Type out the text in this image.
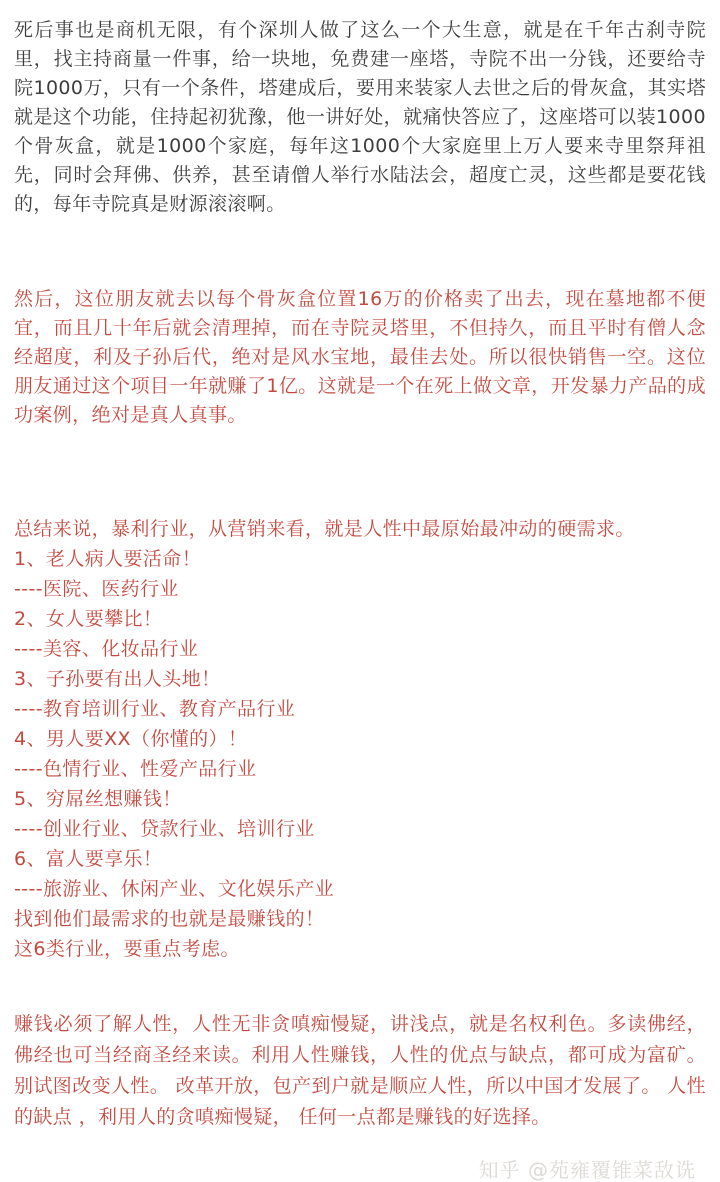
死后事也是商机无限，有个深圳人做了这么一个大生意，就是在千年古刹寺院里，找主持商量一件事，给一块地，免费建一座塔，寺院不出一分钱，还要给寺院1000万，只有一个条件，塔建成后，要用来装家人去世之后的骨灰盒，其实塔就是这个功能，住持起初犹豫，他一讲好处，就痛快答应了，这座塔可以装1000个骨灰盒，就是1000个家庭，每年这1000个大家庭里上万人要来寺里祭拜祖先，同时会拜佛、供养，甚至请僧人举行水陆法会，超度亡灵，这些都是要花钱的，每年寺院真是财源滚滚啊。

然后，这位朋友就去以每个骨灰盒位置16万的价格卖了出去，现在墓地都不便宜，而且几十年后就会清理掉，而在寺院灵塔里，不但持久，而且平时有僧人念经超度，利及子孙后代，绝对是风水宝地，最佳去处。所以很快销售一空。这位朋友通过这个项目一年就赚了1亿。这就是一个在死上做文章，开发暴力产品的成功案例，绝对是真人真事。

总结来说，暴利行业，从营销来看，就是人性中最原始最冲动的硬需求。

1、老人病人要活命！

----医院、医药行业

2、女人要攀比！

----美容、化妆品行业

3、子孙要有出人头地！

----教育培训行业、教育产品行业

4、男人要XX（你懂的）！

----色情行业、性爱产品行业

5、穷屌丝想赚钱！

----创业行业、贷款行业、培训行业

6、富人要享乐！

----旅游业、休闲产业、文化娱乐产业

找到他们最需求的也就是最赚钱的！

这6类行业，要重点考虑。

赚钱必须了解人性，人性无非贪嗔痴慢疑，讲浅点，就是名权利色。多读佛经，佛经也可当经商圣经来读。利用人性赚钱，人性的优点与缺点，都可成为富矿。 别试图改变人性。 改革开放，包产到户就是顺应人性，所以中国才发展了。 人性的缺点 ，利用人的贪嗔痴慢疑， 任何一点都是赚钱的好选择。

知乎 @苑雍覆锥菜敌诜
